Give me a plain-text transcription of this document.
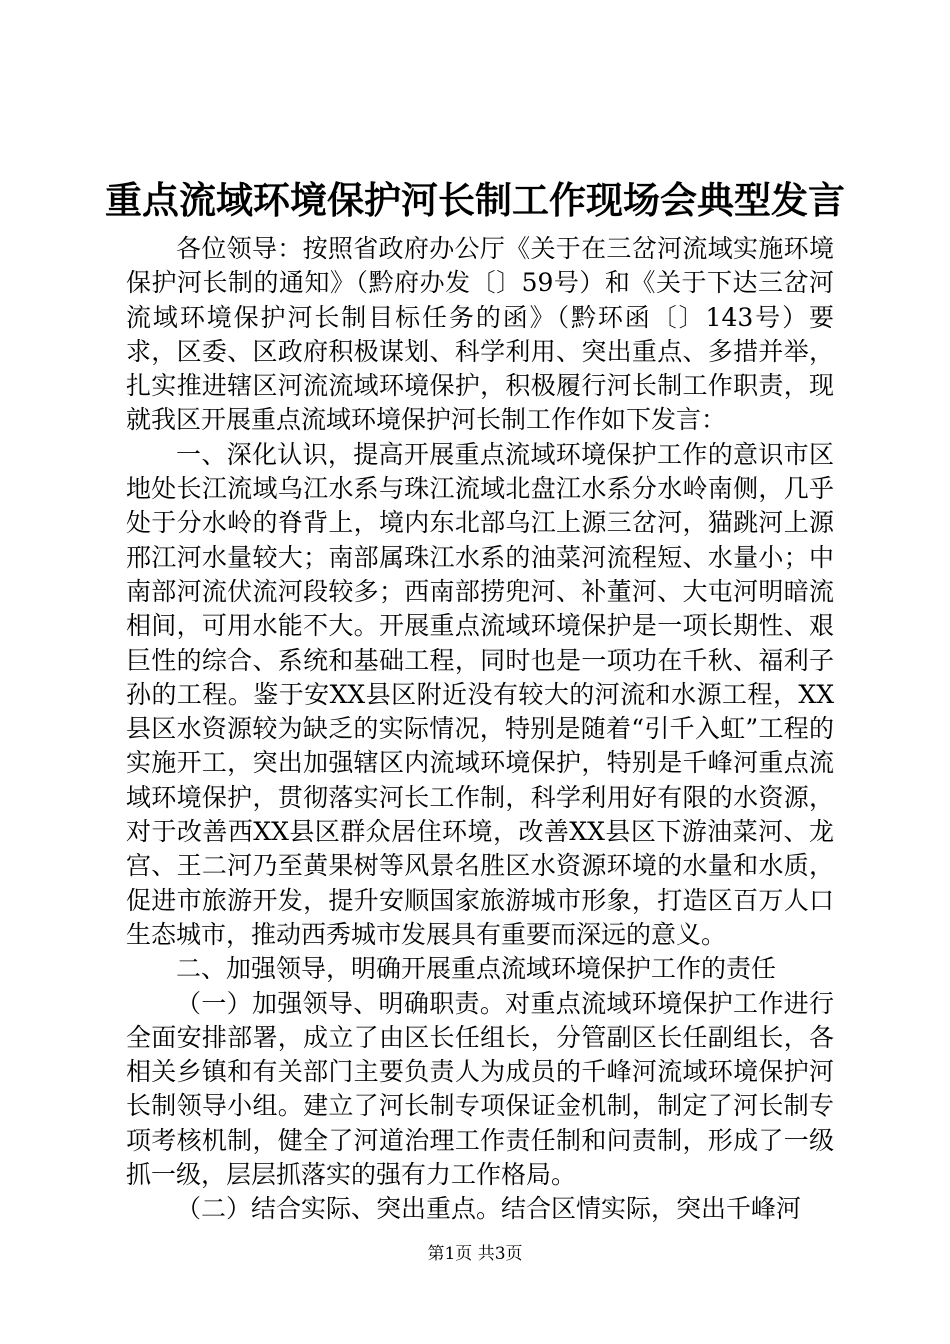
重点流域环境保护河长制工作现场会典型发言

各位领导：按照省政府办公厅《关于在三岔河流域实施环境保护河长制的通知》（黔府办发〔〕59号）和《关于下达三岔河流域环境保护河长制目标任务的函》（黔环函〔〕143号）要求，区委、区政府积极谋划、科学利用、突出重点、多措并举，扎实推进辖区河流流域环境保护，积极履行河长制工作职责，现就我区开展重点流域环境保护河长制工作作如下发言：

一、深化认识，提高开展重点流域环境保护工作的意识市区地处长江流域乌江水系与珠江流域北盘江水系分水岭南侧，几乎处于分水岭的脊背上，境内东北部乌江上源三岔河，猫跳河上源邢江河水量较大；南部属珠江水系的油菜河流程短、水量小；中南部河流伏流河段较多；西南部捞兜河、补董河、大屯河明暗流相间，可用水能不大。开展重点流域环境保护是一项长期性、艰巨性的综合、系统和基础工程，同时也是一项功在千秋、福利子孙的工程。鉴于安XX县区附近没有较大的河流和水源工程，XX县区水资源较为缺乏的实际情况，特别是随着“引千入虹”工程的实施开工，突出加强辖区内流域环境保护，特别是千峰河重点流域环境保护，贯彻落实河长工作制，科学利用好有限的水资源，对于改善西XX县区群众居住环境，改善XX县区下游油菜河、龙宫、王二河乃至黄果树等风景名胜区水资源环境的水量和水质，促进市旅游开发，提升安顺国家旅游城市形象，打造区百万人口生态城市，推动西秀城市发展具有重要而深远的意义。

二、加强领导，明确开展重点流域环境保护工作的责任

（一）加强领导、明确职责。对重点流域环境保护工作进行全面安排部署，成立了由区长任组长，分管副区长任副组长，各相关乡镇和有关部门主要负责人为成员的千峰河流域环境保护河长制领导小组。建立了河长制专项保证金机制，制定了河长制专项考核机制，健全了河道治理工作责任制和问责制，形成了一级抓一级，层层抓落实的强有力工作格局。

（二）结合实际、突出重点。结合区情实际，突出千峰河

第1页 共3页
